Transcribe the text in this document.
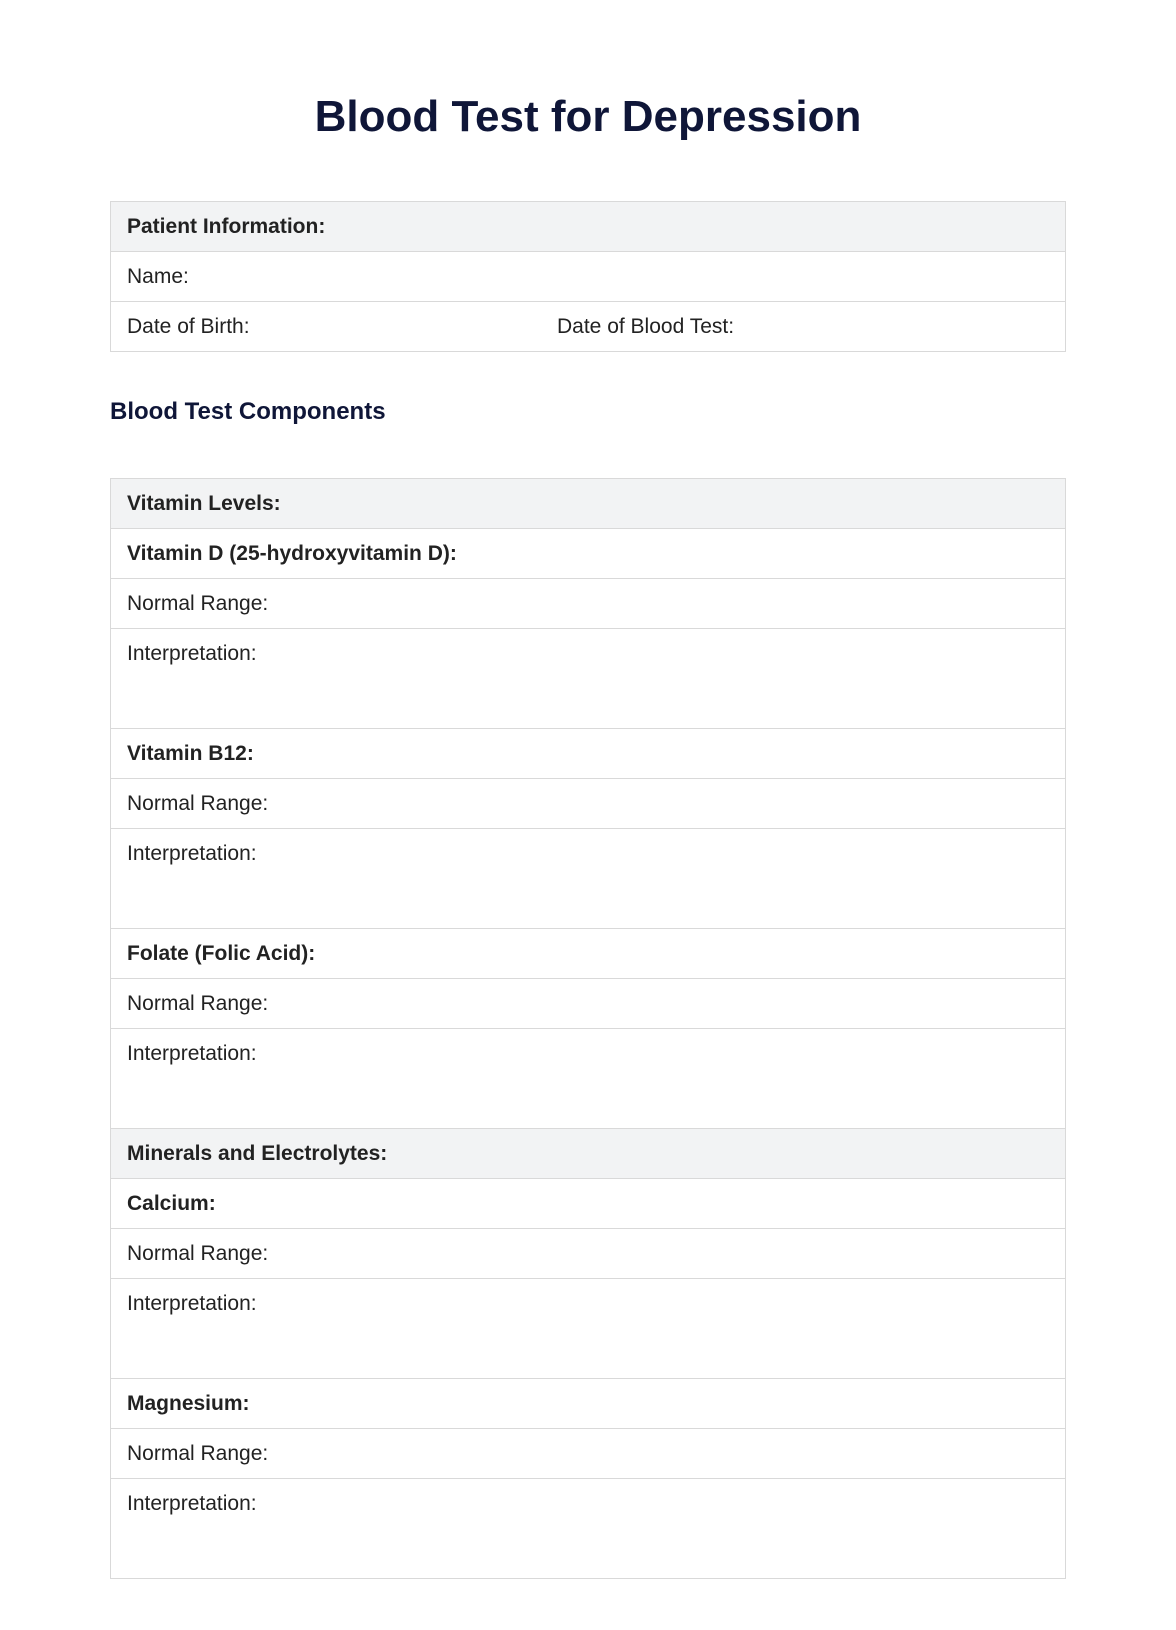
Blood Test for Depression
Patient Information:
Name:
Date of Birth:	Date of Blood Test:
Blood Test Components
Vitamin Levels:
Vitamin D (25-hydroxyvitamin D):
Normal Range:
Interpretation:
Vitamin B12:
Normal Range:
Interpretation:
Folate (Folic Acid):
Normal Range:
Interpretation:
Minerals and Electrolytes:
Calcium:
Normal Range:
Interpretation:
Magnesium:
Normal Range:
Interpretation:
